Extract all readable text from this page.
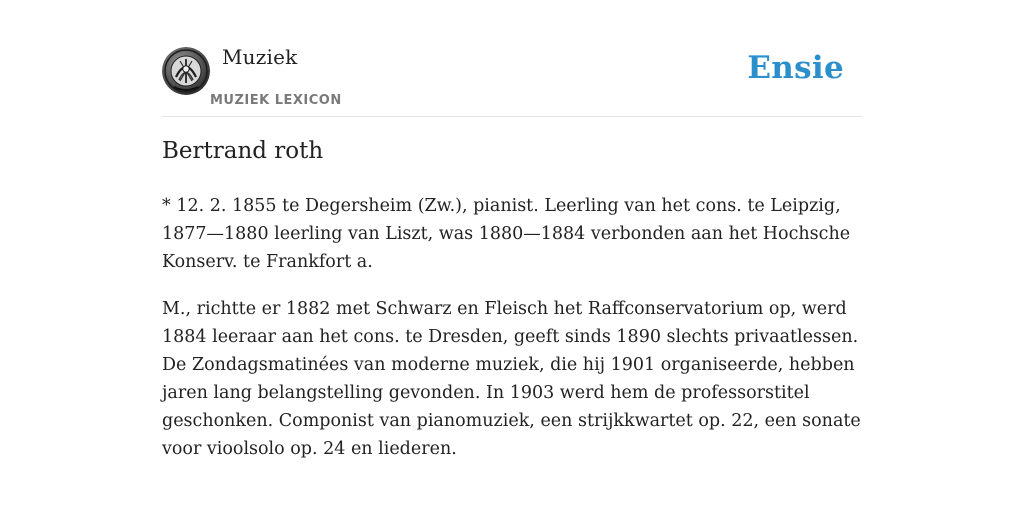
Muziek
MUZIEK LEXICON
Ensie
Bertrand roth

* 12. 2. 1855 te Degersheim (Zw.), pianist. Leerling van het cons. te Leipzig, 1877—1880 leerling van Liszt, was 1880—1884 verbonden aan het Hochsche Konserv. te Frankfort a.

M., richtte er 1882 met Schwarz en Fleisch het Raffconservatorium op, werd 1884 leeraar aan het cons. te Dresden, geeft sinds 1890 slechts privaatlessen. De Zondagsmatinées van moderne muziek, die hij 1901 organiseerde, hebben jaren lang belangstelling gevonden. In 1903 werd hem de professorstitel geschonken. Componist van pianomuziek, een strijkkwartet op. 22, een sonate voor vioolsolo op. 24 en liederen.
